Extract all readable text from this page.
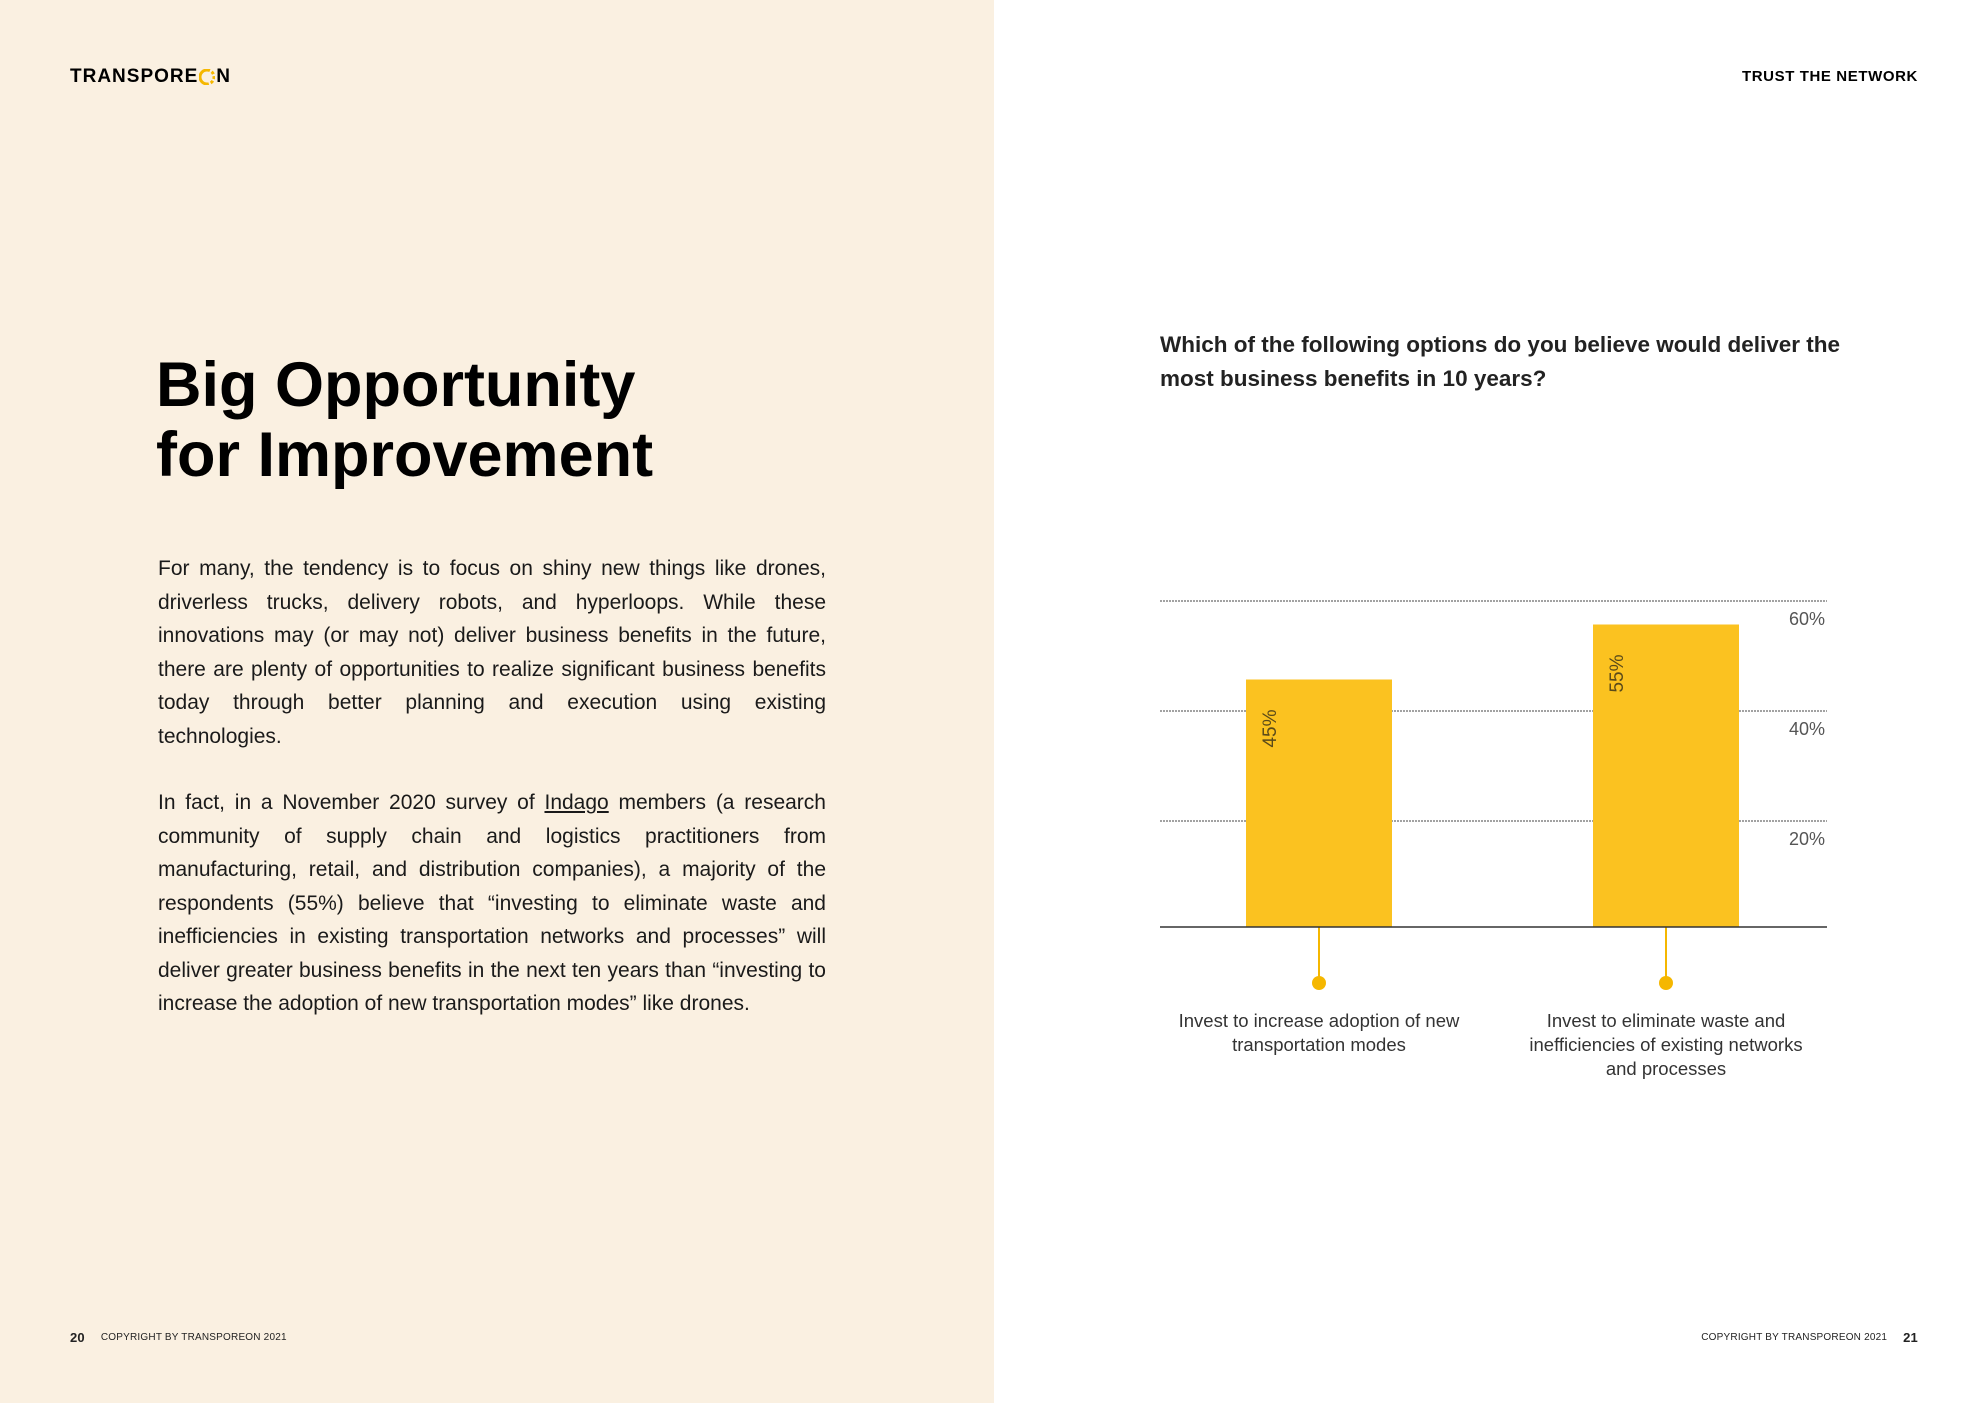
TRANSPORE N	TRUST THE NETWORK
Big Opportunity
for Improvement

For many, the tendency is to focus on shiny new things like drones, driverless trucks, delivery robots, and hyperloops. While these innovations may (or may not) deliver business benefits in the future, there are plenty of opportunities to realize significant business benefits today through better planning and execution using existing technologies.

In fact, in a November 2020 survey of Indago members (a research community of supply chain and logistics practitioners from manufacturing, retail, and distribution companies), a majority of the respondents (55%) believe that “investing to eliminate waste and inefficiencies in existing transportation networks and processes” will deliver greater business benefits in the next ten years than “investing to increase the adoption of new transportation modes” like drones.

Which of the following options do you believe would deliver the most business benefits in 10 years?

20%
40%
60%
45%
Invest to increase adoption of new
transportation modes
55%
Invest to eliminate waste and
inefficiencies of existing networks
and processes
20 COPYRIGHT BY TRANSPOREON 2021	COPYRIGHT BY TRANSPOREON 2021 21
